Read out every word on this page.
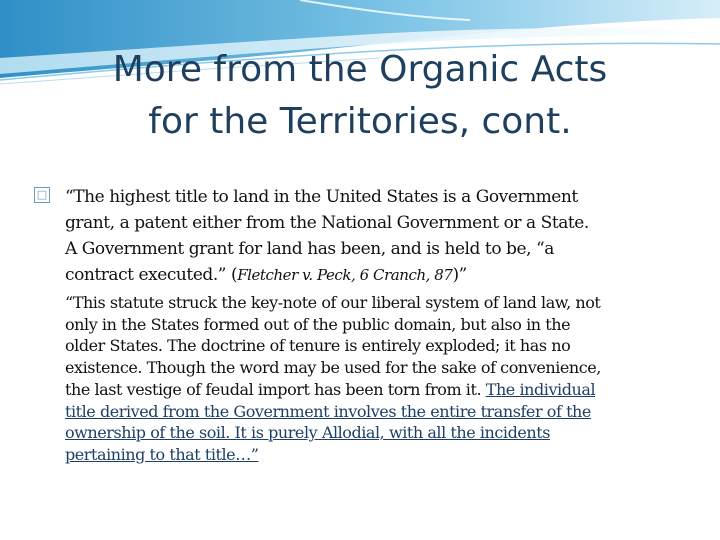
More from the Organic Acts
for the Territories, cont.
□ “The highest title to land in the United States is a Government
grant, a patent either from the National Government or a State.
A Government grant for land has been, and is held to be, “a
contract executed.” (Fletcher v. Peck, 6 Cranch, 87)”
“This statute struck the key-note of our liberal system of land law, not
only in the States formed out of the public domain, but also in the
older States. The doctrine of tenure is entirely exploded; it has no
existence. Though the word may be used for the sake of convenience,
the last vestige of feudal import has been torn from it. The individual
title derived from the Government involves the entire transfer of the
ownership of the soil. It is purely Allodial, with all the incidents
pertaining to that title…”
